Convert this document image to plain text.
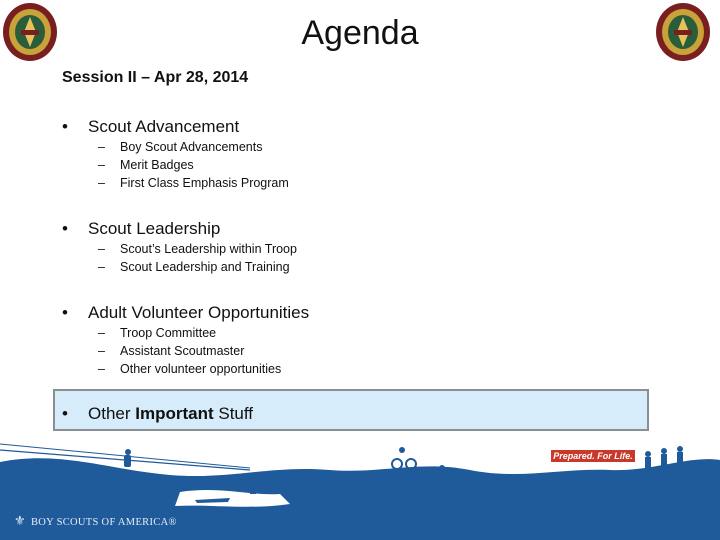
Agenda
Session II – Apr 28, 2014
• Scout Advancement
– Boy Scout Advancements
– Merit Badges
– First Class Emphasis Program
• Scout Leadership
– Scout’s Leadership within Troop
– Scout Leadership and Training
• Adult Volunteer Opportunities
– Troop Committee
– Assistant Scoutmaster
– Other volunteer opportunities
• Other Important Stuff
Prepared. For Life.
⚜ BOY SCOUTS OF AMERICA®
